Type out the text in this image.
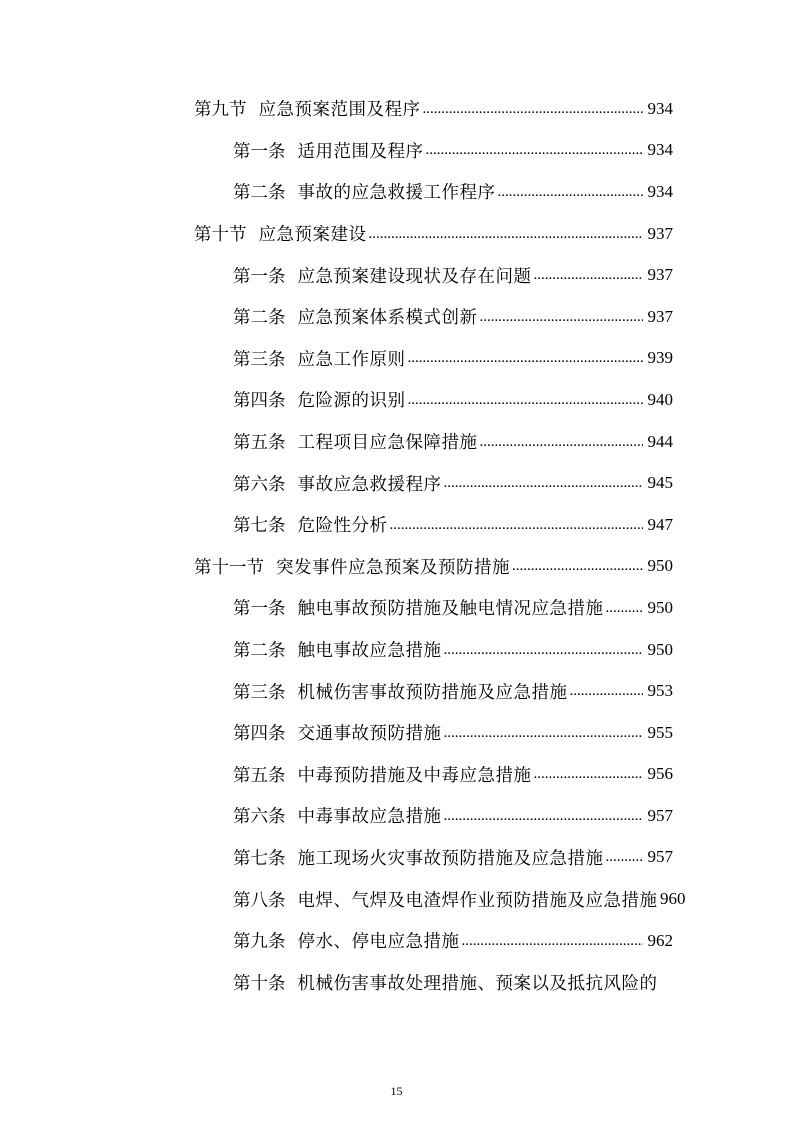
第九节 应急预案范围及程序 .....	934
第一条 适用范围及程序 .....	934
第二条 事故的应急救援工作程序 .....	934
第十节 应急预案建设 .....	937
第一条 应急预案建设现状及存在问题 .....	937
第二条 应急预案体系模式创新 .....	937
第三条 应急工作原则 .....	939
第四条 危险源的识别 .....	940
第五条 工程项目应急保障措施 .....	944
第六条 事故应急救援程序 .....	945
第七条 危险性分析 .....	947
第十一节 突发事件应急预案及预防措施 .....	950
第一条 触电事故预防措施及触电情况应急措施 .....	950
第二条 触电事故应急措施 .....	950
第三条 机械伤害事故预防措施及应急措施 .....	953
第四条 交通事故预防措施 .....	955
第五条 中毒预防措施及中毒应急措施 .....	956
第六条 中毒事故应急措施 .....	957
第七条 施工现场火灾事故预防措施及应急措施 .....	957
第八条 电焊、气焊及电渣焊作业预防措施及应急措施 960
第九条 停水、停电应急措施 .....	962
第十条 机械伤害事故处理措施、预案以及抵抗风险的
15
